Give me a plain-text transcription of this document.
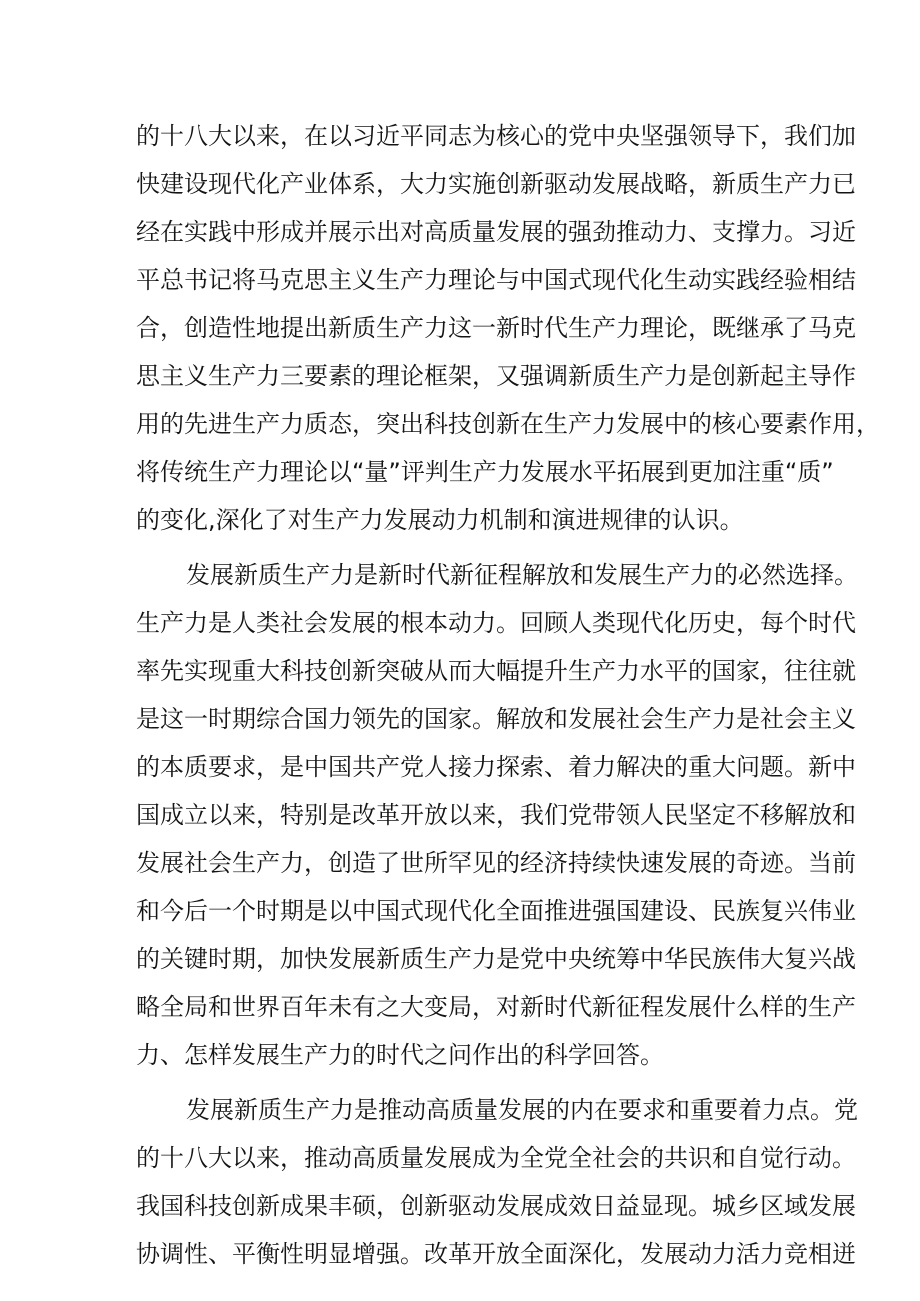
的十八大以来，在以习近平同志为核心的党中央坚强领导下，我们加
快建设现代化产业体系，大力实施创新驱动发展战略，新质生产力已
经在实践中形成并展示出对高质量发展的强劲推动力、支撑力。习近
平总书记将马克思主义生产力理论与中国式现代化生动实践经验相结
合，创造性地提出新质生产力这一新时代生产力理论，既继承了马克
思主义生产力三要素的理论框架，又强调新质生产力是创新起主导作
用的先进生产力质态，突出科技创新在生产力发展中的核心要素作用，
将传统生产力理论以“量”评判生产力发展水平拓展到更加注重“质”
的变化,深化了对生产力发展动力机制和演进规律的认识。
发展新质生产力是新时代新征程解放和发展生产力的必然选择。
生产力是人类社会发展的根本动力。回顾人类现代化历史，每个时代
率先实现重大科技创新突破从而大幅提升生产力水平的国家，往往就
是这一时期综合国力领先的国家。解放和发展社会生产力是社会主义
的本质要求，是中国共产党人接力探索、着力解决的重大问题。新中
国成立以来，特别是改革开放以来，我们党带领人民坚定不移解放和
发展社会生产力，创造了世所罕见的经济持续快速发展的奇迹。当前
和今后一个时期是以中国式现代化全面推进强国建设、民族复兴伟业
的关键时期，加快发展新质生产力是党中央统筹中华民族伟大复兴战
略全局和世界百年未有之大变局，对新时代新征程发展什么样的生产
力、怎样发展生产力的时代之问作出的科学回答。
发展新质生产力是推动高质量发展的内在要求和重要着力点。党
的十八大以来，推动高质量发展成为全党全社会的共识和自觉行动。
我国科技创新成果丰硕，创新驱动发展成效日益显现。城乡区域发展
协调性、平衡性明显增强。改革开放全面深化，发展动力活力竞相迸
